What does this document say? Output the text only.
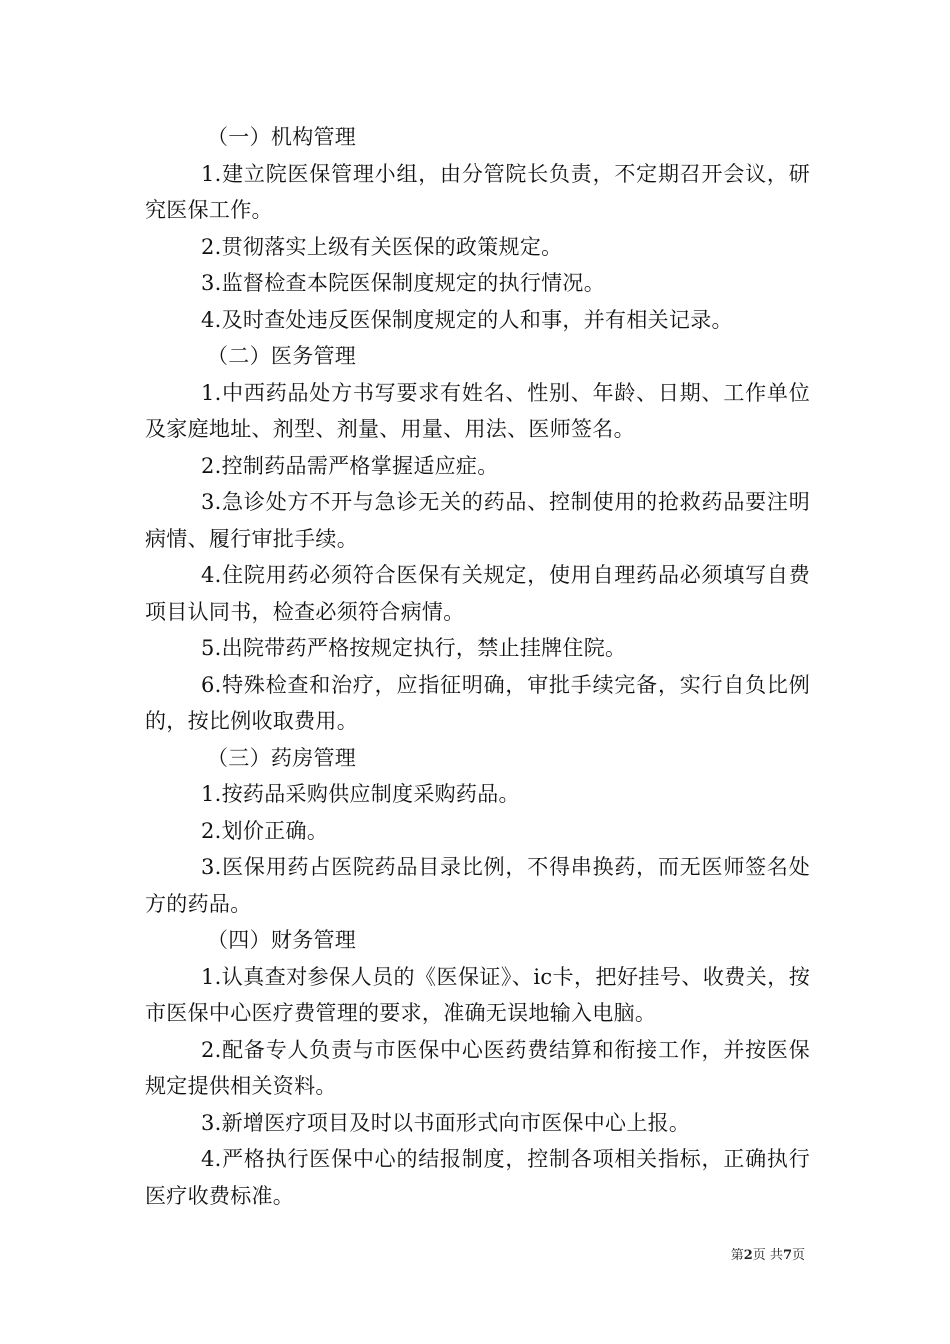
（一）机构管理

1.建立院医保管理小组，由分管院长负责，不定期召开会议，研究医保工作。

2.贯彻落实上级有关医保的政策规定。

3.监督检查本院医保制度规定的执行情况。

4.及时查处违反医保制度规定的人和事，并有相关记录。

（二）医务管理

1.中西药品处方书写要求有姓名、性别、年龄、日期、工作单位及家庭地址、剂型、剂量、用量、用法、医师签名。

2.控制药品需严格掌握适应症。

3.急诊处方不开与急诊无关的药品、控制使用的抢救药品要注明病情、履行审批手续。

4.住院用药必须符合医保有关规定，使用自理药品必须填写自费项目认同书，检查必须符合病情。

5.出院带药严格按规定执行，禁止挂牌住院。

6.特殊检查和治疗，应指征明确，审批手续完备，实行自负比例的，按比例收取费用。

（三）药房管理

1.按药品采购供应制度采购药品。

2.划价正确。

3.医保用药占医院药品目录比例，不得串换药，而无医师签名处方的药品。

（四）财务管理

1.认真查对参保人员的《医保证》、ic卡，把好挂号、收费关，按市医保中心医疗费管理的要求，准确无误地输入电脑。

2.配备专人负责与市医保中心医药费结算和衔接工作，并按医保规定提供相关资料。

3.新增医疗项目及时以书面形式向市医保中心上报。

4.严格执行医保中心的结报制度，控制各项相关指标，正确执行医疗收费标准。

第2页 共7页
